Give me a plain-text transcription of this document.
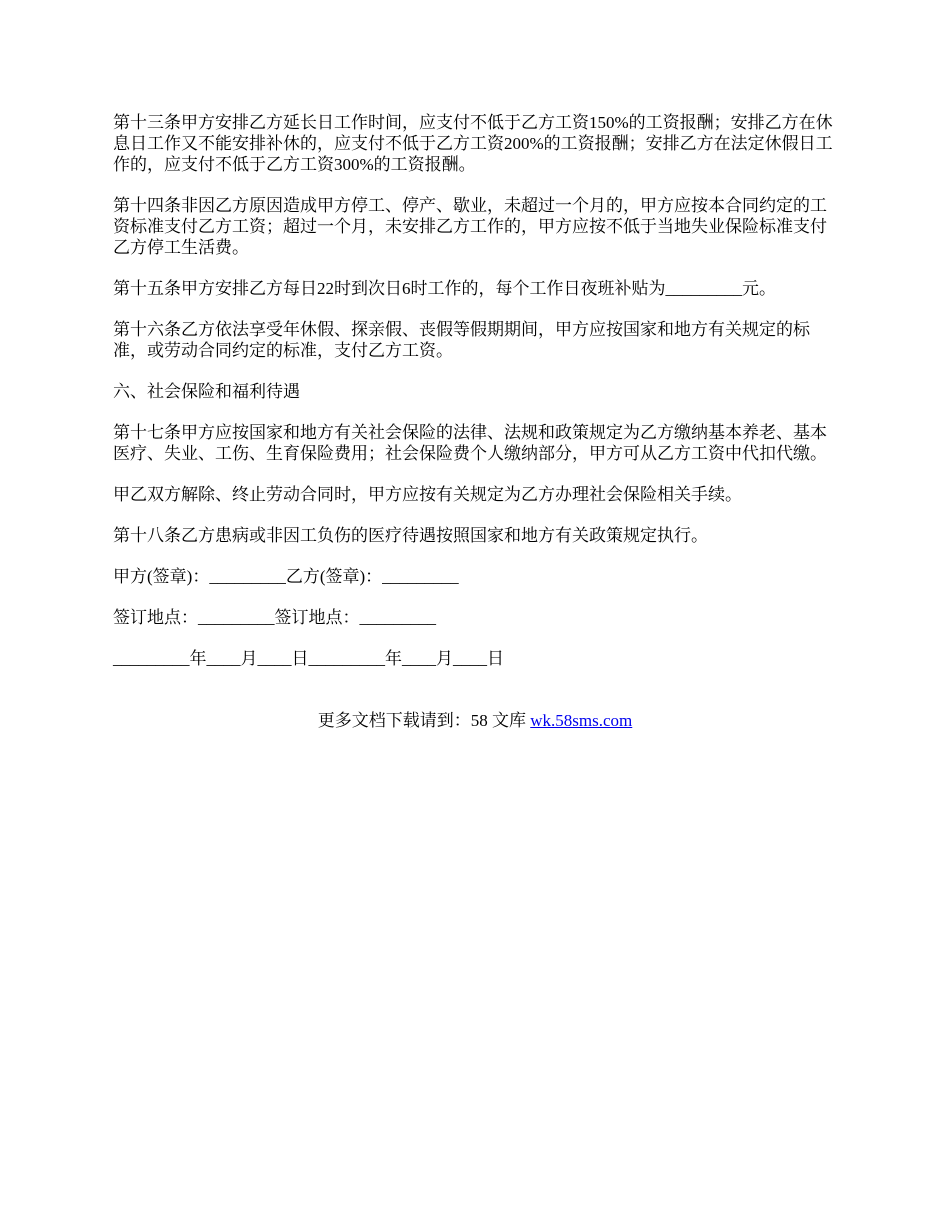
第十三条甲方安排乙方延长日工作时间，应支付不低于乙方工资150%的工资报酬；安排乙方在休息日工作又不能安排补休的，应支付不低于乙方工资200%的工资报酬；安排乙方在法定休假日工作的，应支付不低于乙方工资300%的工资报酬。

第十四条非因乙方原因造成甲方停工、停产、歇业，未超过一个月的，甲方应按本合同约定的工资标准支付乙方工资；超过一个月，未安排乙方工作的，甲方应按不低于当地失业保险标准支付乙方停工生活费。

第十五条甲方安排乙方每日22时到次日6时工作的，每个工作日夜班补贴为_________元。

第十六条乙方依法享受年休假、探亲假、丧假等假期期间，甲方应按国家和地方有关规定的标准，或劳动合同约定的标准，支付乙方工资。

六、社会保险和福利待遇

第十七条甲方应按国家和地方有关社会保险的法律、法规和政策规定为乙方缴纳基本养老、基本医疗、失业、工伤、生育保险费用；社会保险费个人缴纳部分，甲方可从乙方工资中代扣代缴。

甲乙双方解除、终止劳动合同时，甲方应按有关规定为乙方办理社会保险相关手续。

第十八条乙方患病或非因工负伤的医疗待遇按照国家和地方有关政策规定执行。

甲方(签章)：_________乙方(签章)：_________

签订地点：_________签订地点：_________

_________年____月____日_________年____月____日

更多文档下载请到：58 文库 wk.58sms.com
